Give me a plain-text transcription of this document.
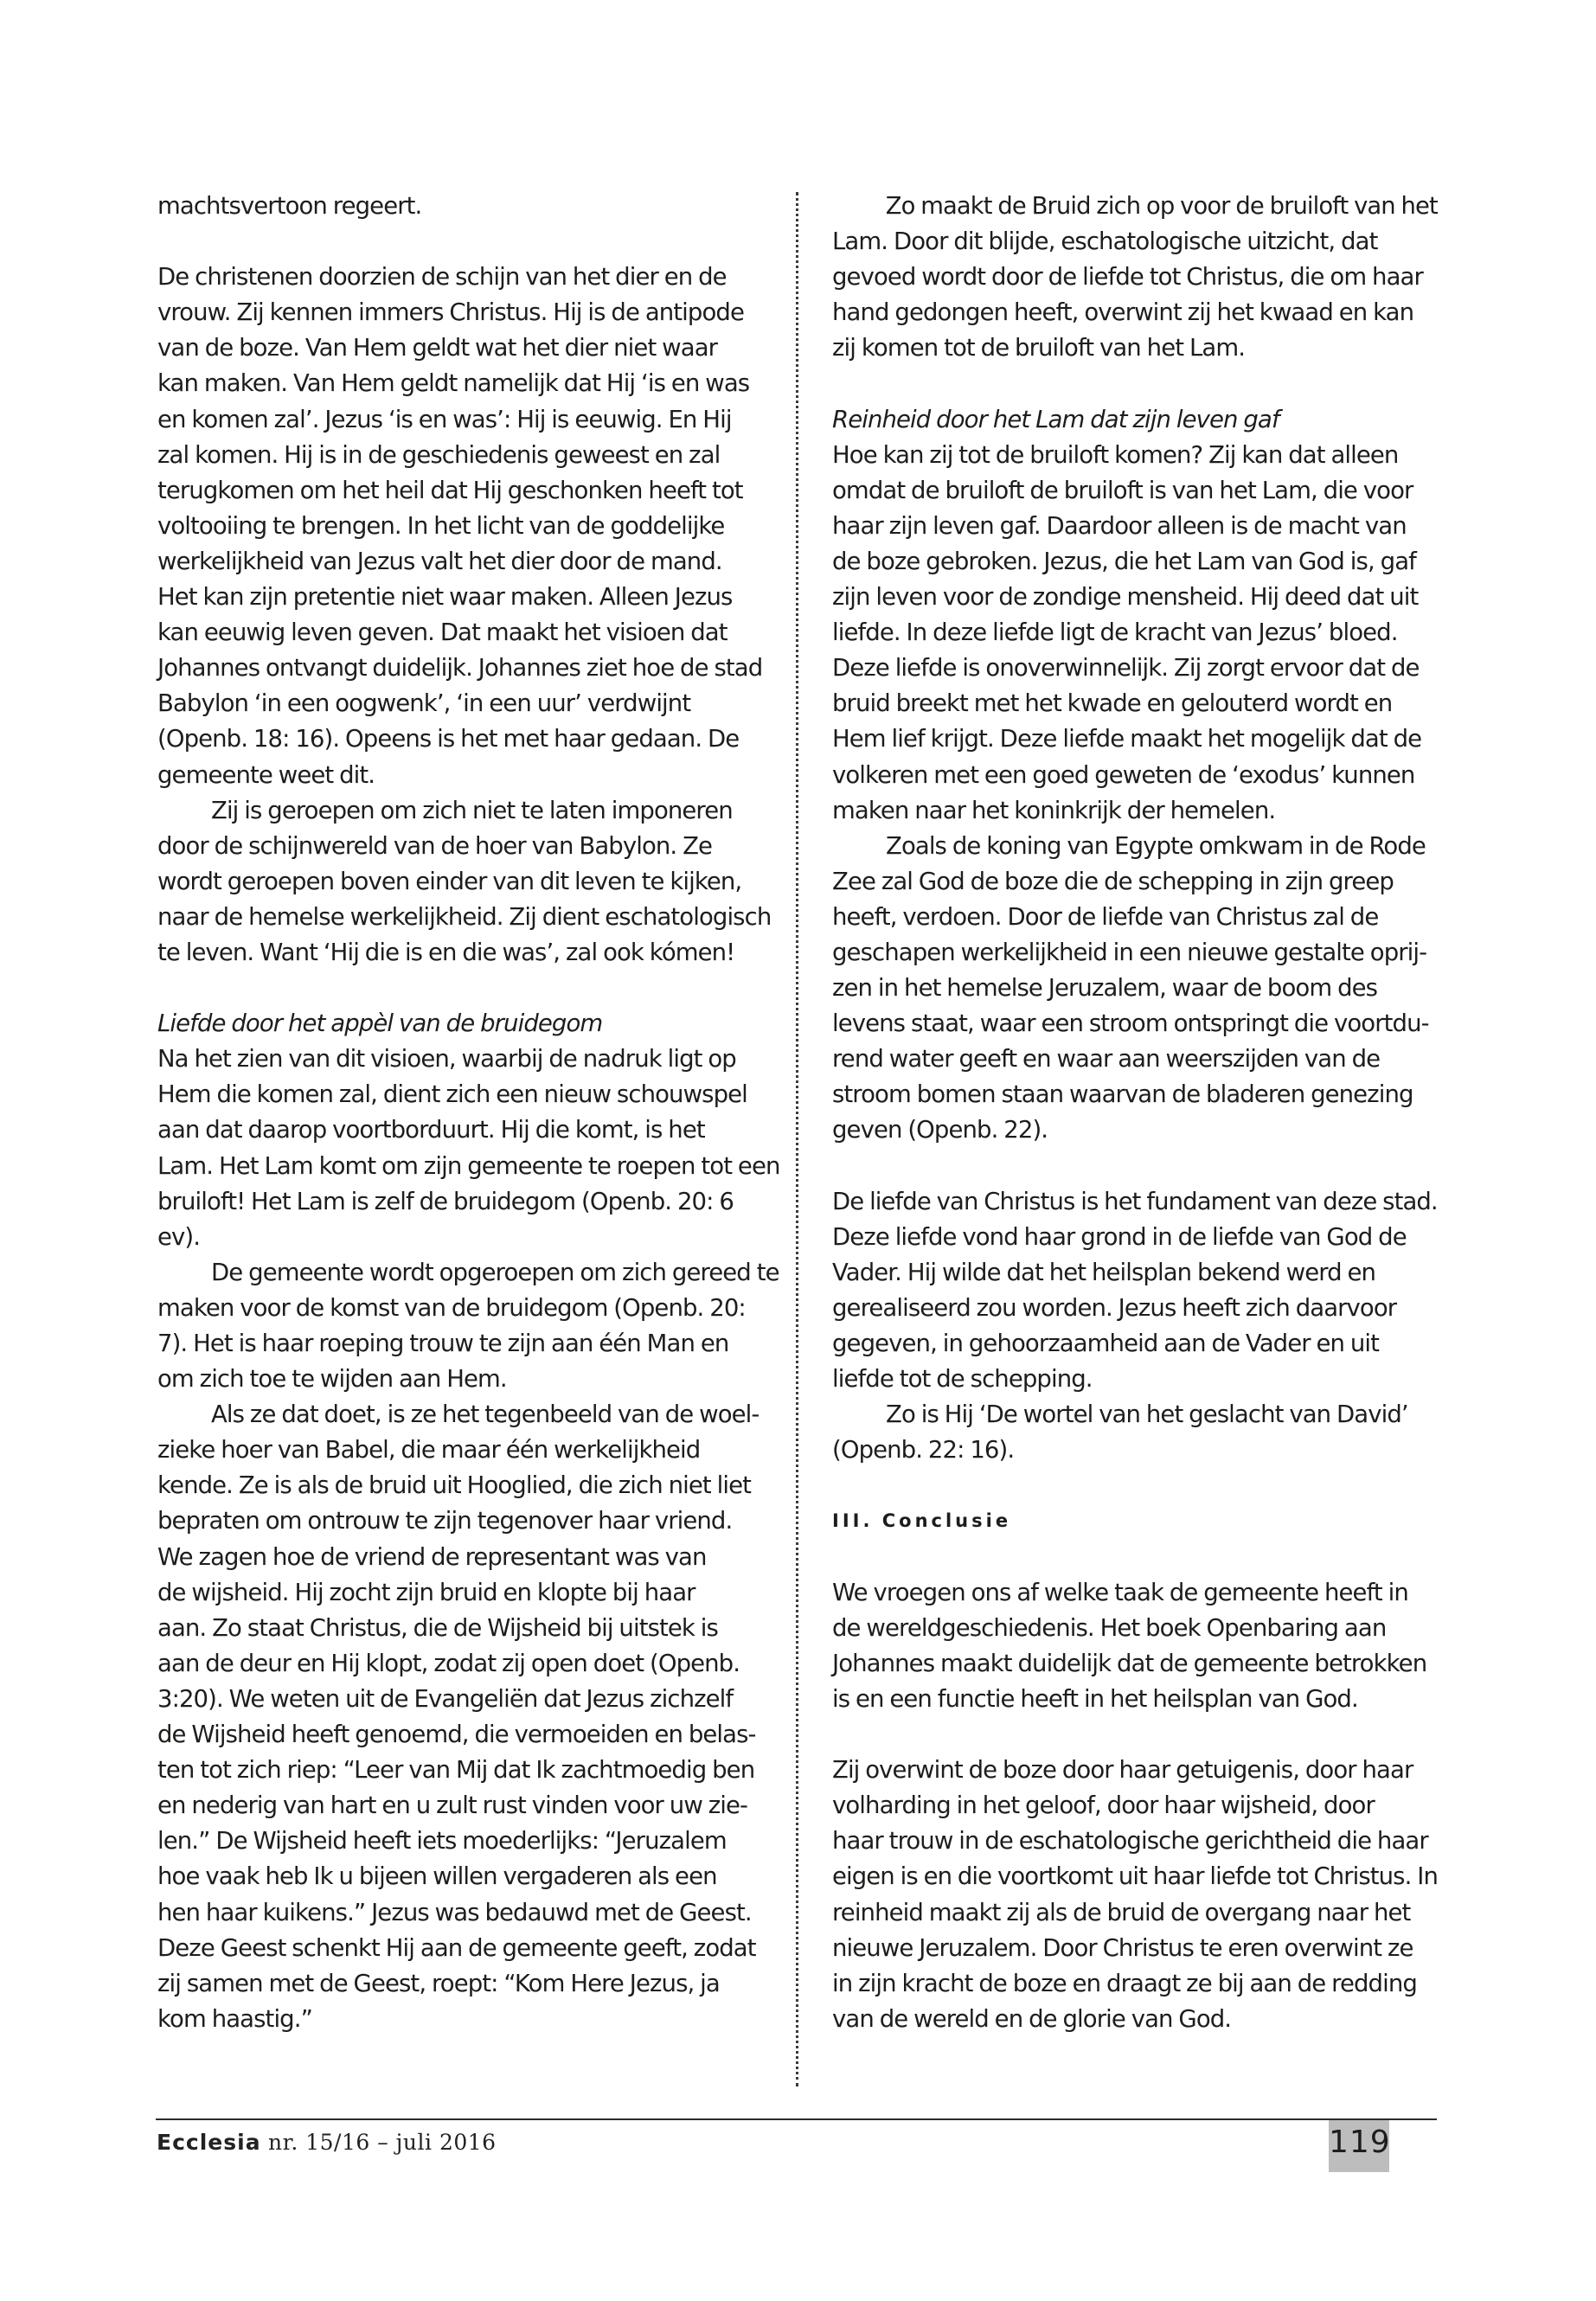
machtsvertoon regeert.
De christenen doorzien de schijn van het dier en de
vrouw. Zij kennen immers Christus. Hij is de antipode
van de boze. Van Hem geldt wat het dier niet waar
kan maken. Van Hem geldt namelijk dat Hij ‘is en was
en komen zal’. Jezus ‘is en was’: Hij is eeuwig. En Hij
zal komen. Hij is in de geschiedenis geweest en zal
terugkomen om het heil dat Hij geschonken heeft tot
voltooiing te brengen. In het licht van de goddelijke
werkelijkheid van Jezus valt het dier door de mand.
Het kan zijn pretentie niet waar maken. Alleen Jezus
kan eeuwig leven geven. Dat maakt het visioen dat
Johannes ontvangt duidelijk. Johannes ziet hoe de stad
Babylon ‘in een oogwenk’, ‘in een uur’ verdwijnt
(Openb. 18: 16). Opeens is het met haar gedaan. De
gemeente weet dit.
Zij is geroepen om zich niet te laten imponeren
door de schijnwereld van de hoer van Babylon. Ze
wordt geroepen boven einder van dit leven te kijken,
naar de hemelse werkelijkheid. Zij dient eschatologisch
te leven. Want ‘Hij die is en die was’, zal ook kómen!
Liefde door het appèl van de bruidegom
Na het zien van dit visioen, waarbij de nadruk ligt op
Hem die komen zal, dient zich een nieuw schouwspel
aan dat daarop voortborduurt. Hij die komt, is het
Lam. Het Lam komt om zijn gemeente te roepen tot een
bruiloft! Het Lam is zelf de bruidegom (Openb. 20: 6
ev).
De gemeente wordt opgeroepen om zich gereed te
maken voor de komst van de bruidegom (Openb. 20:
7). Het is haar roeping trouw te zijn aan één Man en
om zich toe te wijden aan Hem.
Als ze dat doet, is ze het tegenbeeld van de woel-
zieke hoer van Babel, die maar één werkelijkheid
kende. Ze is als de bruid uit Hooglied, die zich niet liet
bepraten om ontrouw te zijn tegenover haar vriend.
We zagen hoe de vriend de representant was van
de wijsheid. Hij zocht zijn bruid en klopte bij haar
aan. Zo staat Christus, die de Wijsheid bij uitstek is
aan de deur en Hij klopt, zodat zij open doet (Openb.
3:20). We weten uit de Evangeliën dat Jezus zichzelf
de Wijsheid heeft genoemd, die vermoeiden en belas-
ten tot zich riep: “Leer van Mij dat Ik zachtmoedig ben
en nederig van hart en u zult rust vinden voor uw zie-
len.” De Wijsheid heeft iets moederlijks: “Jeruzalem
hoe vaak heb Ik u bijeen willen vergaderen als een
hen haar kuikens.” Jezus was bedauwd met de Geest.
Deze Geest schenkt Hij aan de gemeente geeft, zodat
zij samen met de Geest, roept: “Kom Here Jezus, ja
kom haastig.”
Zo maakt de Bruid zich op voor de bruiloft van het
Lam. Door dit blijde, eschatologische uitzicht, dat
gevoed wordt door de liefde tot Christus, die om haar
hand gedongen heeft, overwint zij het kwaad en kan
zij komen tot de bruiloft van het Lam.
Reinheid door het Lam dat zijn leven gaf
Hoe kan zij tot de bruiloft komen? Zij kan dat alleen
omdat de bruiloft de bruiloft is van het Lam, die voor
haar zijn leven gaf. Daardoor alleen is de macht van
de boze gebroken. Jezus, die het Lam van God is, gaf
zijn leven voor de zondige mensheid. Hij deed dat uit
liefde. In deze liefde ligt de kracht van Jezus’ bloed.
Deze liefde is onoverwinnelijk. Zij zorgt ervoor dat de
bruid breekt met het kwade en gelouterd wordt en
Hem lief krijgt. Deze liefde maakt het mogelijk dat de
volkeren met een goed geweten de ‘exodus’ kunnen
maken naar het koninkrijk der hemelen.
Zoals de koning van Egypte omkwam in de Rode
Zee zal God de boze die de schepping in zijn greep
heeft, verdoen. Door de liefde van Christus zal de
geschapen werkelijkheid in een nieuwe gestalte oprij-
zen in het hemelse Jeruzalem, waar de boom des
levens staat, waar een stroom ontspringt die voortdu-
rend water geeft en waar aan weerszijden van de
stroom bomen staan waarvan de bladeren genezing
geven (Openb. 22).
De liefde van Christus is het fundament van deze stad.
Deze liefde vond haar grond in de liefde van God de
Vader. Hij wilde dat het heilsplan bekend werd en
gerealiseerd zou worden. Jezus heeft zich daarvoor
gegeven, in gehoorzaamheid aan de Vader en uit
liefde tot de schepping.
Zo is Hij ‘De wortel van het geslacht van David’
(Openb. 22: 16).
III. Conclusie
We vroegen ons af welke taak de gemeente heeft in
de wereldgeschiedenis. Het boek Openbaring aan
Johannes maakt duidelijk dat de gemeente betrokken
is en een functie heeft in het heilsplan van God.
Zij overwint de boze door haar getuigenis, door haar
volharding in het geloof, door haar wijsheid, door
haar trouw in de eschatologische gerichtheid die haar
eigen is en die voortkomt uit haar liefde tot Christus. In
reinheid maakt zij als de bruid de overgang naar het
nieuwe Jeruzalem. Door Christus te eren overwint ze
in zijn kracht de boze en draagt ze bij aan de redding
van de wereld en de glorie van God.
Ecclesia nr. 15/16 – juli 2016	119
